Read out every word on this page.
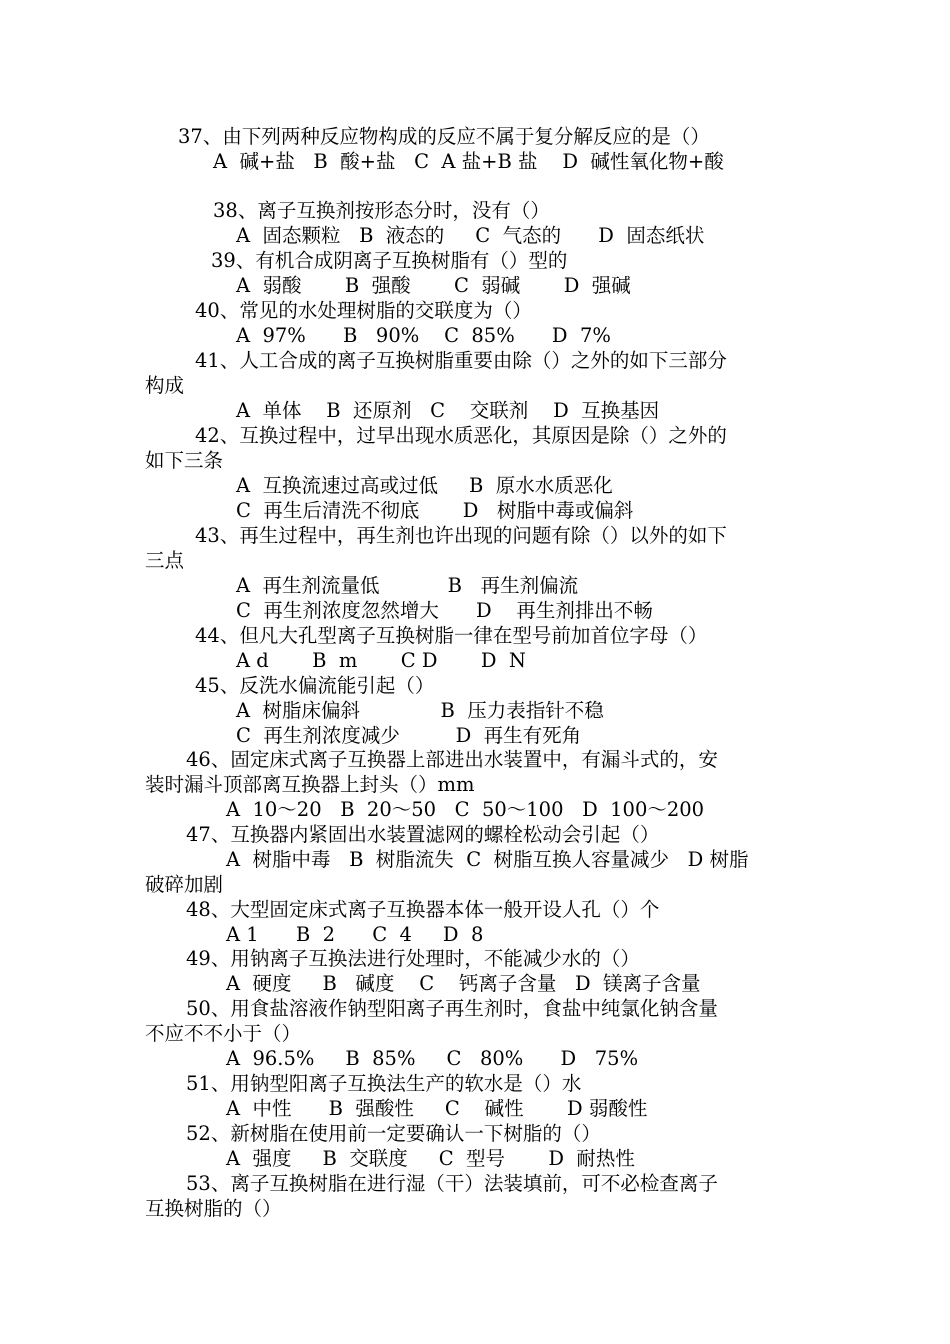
37、由下列两种反应物构成的反应不属于复分解反应的是（）
A  碱+盐   B  酸+盐   C  A 盐+B 盐    D  碱性氧化物+酸
38、离子互换剂按形态分时，没有（）
A  固态颗粒   B  液态的     C  气态的      D  固态纸状
39、有机合成阴离子互换树脂有（）型的
A  弱酸       B  强酸       C  弱碱       D  强碱
40、常见的水处理树脂的交联度为（）
A  97%      B   90%    C  85%      D  7%
41、人工合成的离子互换树脂重要由除（）之外的如下三部分
构成
A  单体    B  还原剂   C    交联剂    D  互换基因
42、互换过程中，过早出现水质恶化，其原因是除（）之外的
如下三条
A  互换流速过高或过低     B  原水水质恶化
C  再生后清洗不彻底       D   树脂中毒或偏斜
43、再生过程中，再生剂也许出现的问题有除（）以外的如下
三点
A  再生剂流量低           B   再生剂偏流
C  再生剂浓度忽然增大      D    再生剂排出不畅
44、但凡大孔型离子互换树脂一律在型号前加首位字母（）
A d       B  m       C D       D  N
45、反洗水偏流能引起（）
A  树脂床偏斜             B  压力表指针不稳
C  再生剂浓度减少         D  再生有死角
46、固定床式离子互换器上部进出水装置中，有漏斗式的，安
装时漏斗顶部离互换器上封头（）mm
A  10～20   B  20～50   C  50～100   D  100～200
47、互换器内紧固出水装置滤网的螺栓松动会引起（）
A  树脂中毒   B  树脂流失  C  树脂互换人容量减少   D 树脂
破碎加剧
48、大型固定床式离子互换器本体一般开设人孔（）个
A 1      B  2      C  4     D  8
49、用钠离子互换法进行处理时，不能减少水的（）
A  硬度     B   碱度    C    钙离子含量   D  镁离子含量
50、用食盐溶液作钠型阳离子再生剂时，食盐中纯氯化钠含量
不应不不小于（）
A  96.5%     B  85%     C   80%      D   75%
51、用钠型阳离子互换法生产的软水是（）水
A  中性      B  强酸性     C    碱性       D 弱酸性
52、新树脂在使用前一定要确认一下树脂的（）
A  强度     B  交联度     C  型号       D  耐热性
53、离子互换树脂在进行湿（干）法装填前，可不必检查离子
互换树脂的（）
